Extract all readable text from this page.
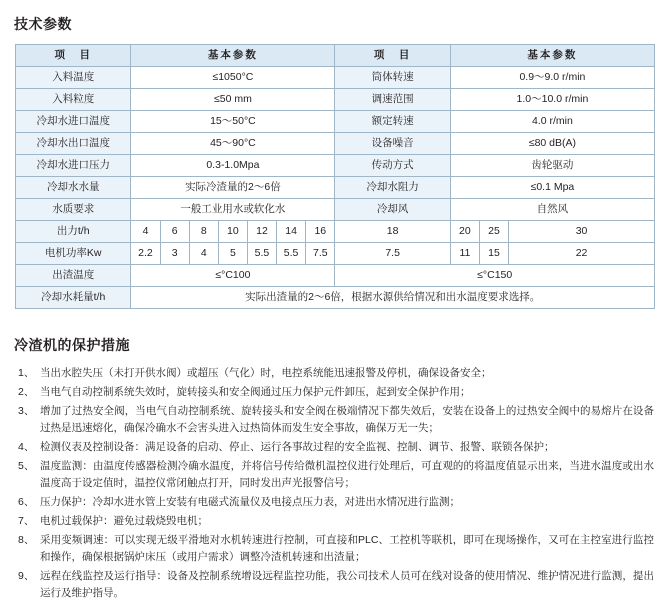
技术参数
项　目	基本参数							项　目	基本参数		
入料温度	≤1050°C							筒体转速	0.9～9.0 r/min		
入料粒度	≤50 mm							调速范围	1.0～10.0 r/min		
冷却水进口温度	15～50°C							额定转速	4.0 r/min		
冷却水出口温度	45～90°C							设备噪音	≤80 dB(A)		
冷却水进口压力	0.3-1.0Mpa							传动方式	齿轮驱动		
冷却水水量	实际冷渣量的2～6倍							冷却水阻力	≤0.1 Mpa		
水质要求	一般工业用水或软化水							冷却风	自然风		
出力t/h	4	6	8	10	12	14	16	18	20	25	30
电机功率Kw	2.2	3	4	5	5.5	5.5	7.5	7.5	11	15	22
出渣温度	≤°C100							≤°C150			
冷却水耗量t/h	实际出渣量的2～6倍，根据水源供给情况和出水温度要求选择。										
冷渣机的保护措施
1、 当出水腔失压（未打开供水阀）或超压（气化）时，电控系统能迅速报警及停机，确保设备安全；
2、 当电气自动控制系统失效时，旋转接头和安全阀通过压力保护元件卸压，起到安全保护作用；
3、 增加了过热安全阀，当电气自动控制系统、旋转接头和安全阀在极端情况下都失效后，安装在设备上的过热安全阀中的易熔片在设备过热是迅速熔化，确保冷确水不会害头进入过热筒体而发生安全事故，确保万无一失；
4、 检测仪表及控制设备：满足设备的启动、停止、运行各事故过程的安全监视、控制、调节、报警、联锁各保护；
5、 温度监测：由温度传感器检测冷确水温度，并将信号传给微机温控仪进行处理后，可直观的的将温度值显示出来，当进水温度或出水温度高于设定值时，温控仪常闭触点打开，同时发出声光报警信号；
6、 压力保护：冷却水进水管上安装有电磁式流量仪及电接点压力表，对进出水情况进行监测；
7、 电机过载保护：避免过载烧毁电机；
8、 采用变频调速：可以实现无级平滑地对水机转速进行控制，可直接和PLC、工控机等联机，即可在现场操作，又可在主控室进行监控和操作，确保根据锅炉床压（或用户需求）调整冷渣机转速和出渣量；
9、 远程在线监控及运行指导：设备及控制系统增设远程监控功能，我公司技术人员可在线对设备的使用情况、维护情况进行监测，提出运行及维护指导。
